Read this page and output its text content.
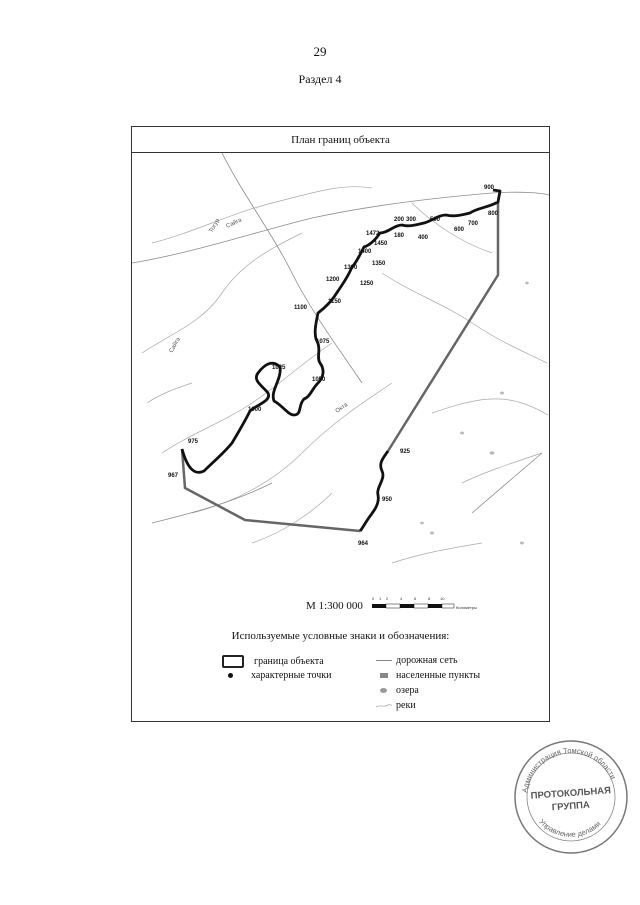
29
Раздел 4
План границ объекта
Тогур Сайга
Сайга
Окта
900
800
700
600
500
400
300
200
180
1472
1450
1400
1350
1300
1250
1200
1150
1100
1075
1050
1025
1000
975
967
964
950
925
М 1:300 000
0 1 2	4	6	8 10
Километры
Используемые условные знаки и обозначения:
граница объекта
характерные точки
дорожная сеть
населенные пункты
озера
реки
Администрация Томской области
Управление делами
ПРОТОКОЛЬНАЯ
ГРУППА
